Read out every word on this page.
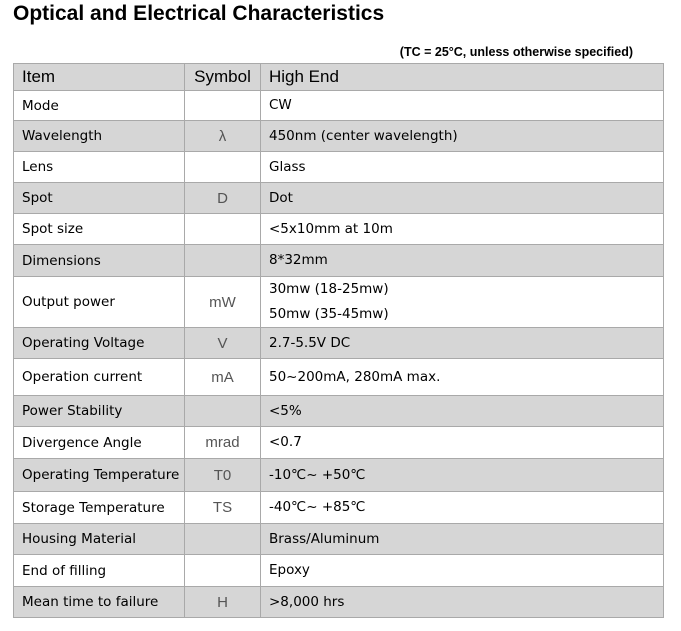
Optical and Electrical Characteristics
(TC = 25°C, unless otherwise specified)
Item	Symbol	High End
Mode		CW

Wavelength	λ	450nm (center wavelength)

Lens		Glass

Spot	D	Dot

Spot size		<5x10mm at 10m

Dimensions		8*32mm

Output power	mW	30mw (18-25mw)
50mw (35-45mw)

Operating Voltage	V	2.7-5.5V DC

Operation current	mA	50~200mA, 280mA max.

Power Stability		<5%

Divergence Angle	mrad	<0.7

Operating Temperature	T0	-10℃~ +50℃

Storage Temperature	TS	-40℃~ +85℃

Housing Material		Brass/Aluminum

End of filling		Epoxy

Mean time to failure	H	>8,000 hrs
